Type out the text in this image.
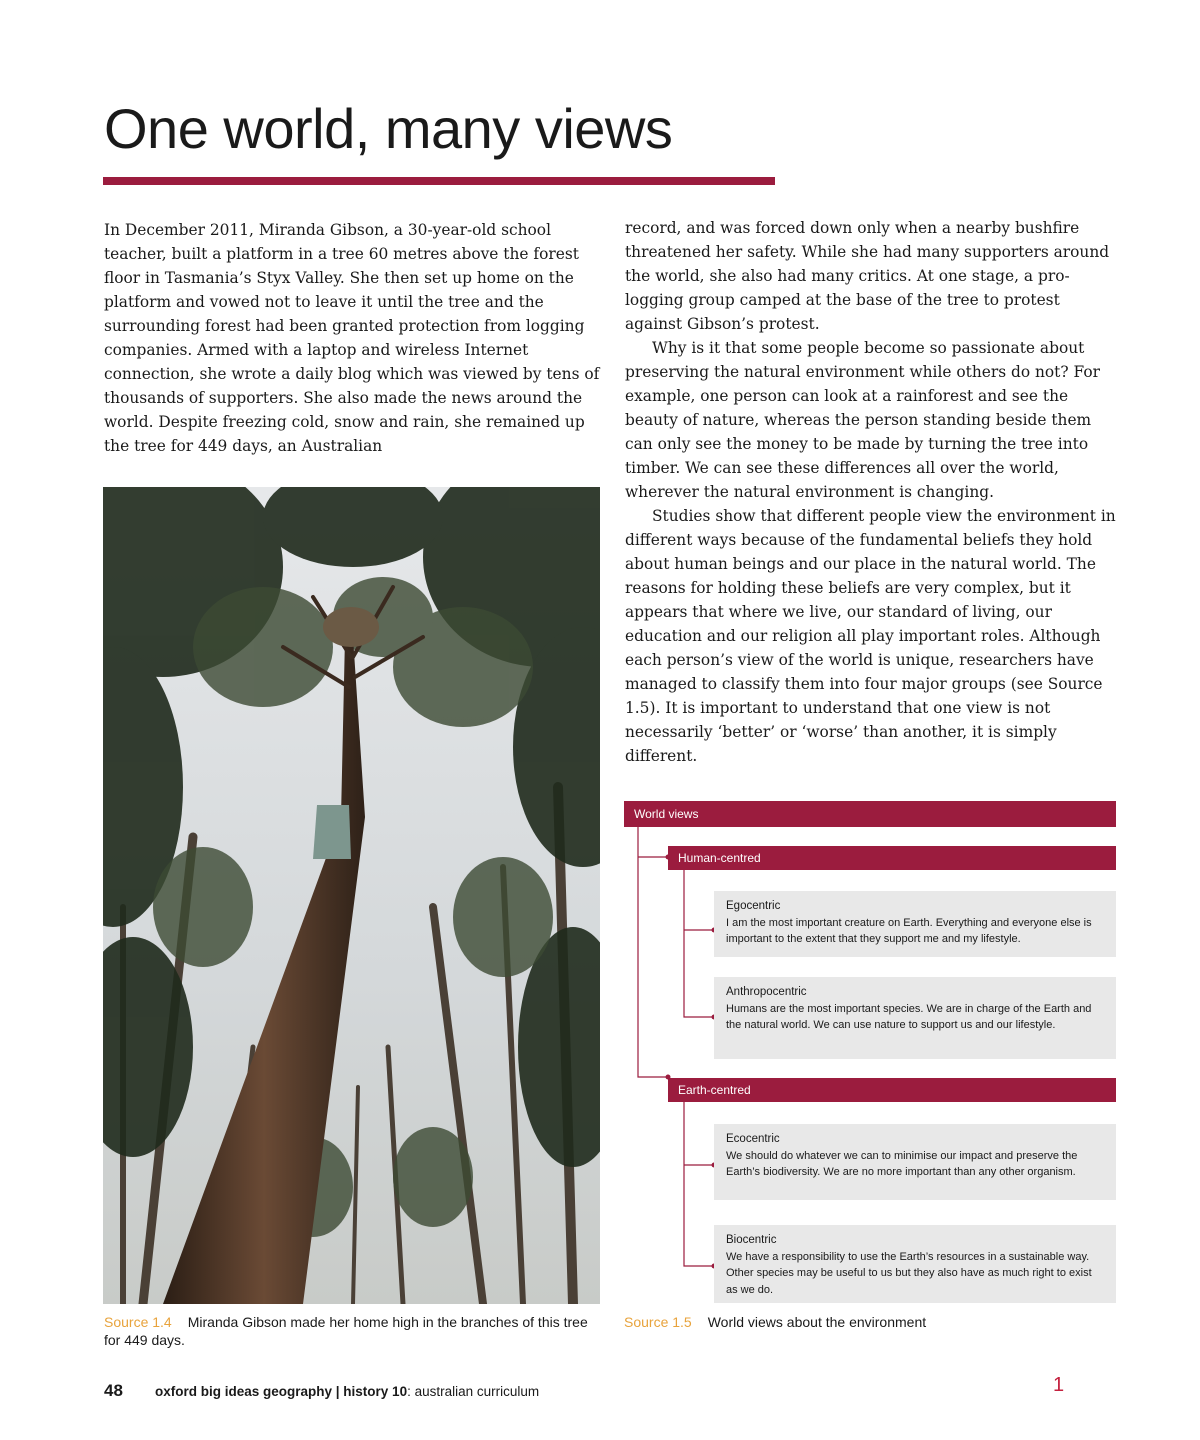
One world, many views

In December 2011, Miranda Gibson, a 30-year-old school teacher, built a platform in a tree 60 metres above the forest floor in Tasmania’s Styx Valley. She then set up home on the platform and vowed not to leave it until the tree and the surrounding forest had been granted protection from logging companies. Armed with a laptop and wireless Internet connection, she wrote a daily blog which was viewed by tens of thousands of supporters. She also made the news around the world. Despite freezing cold, snow and rain, she remained up the tree for 449 days, an Australian

record, and was forced down only when a nearby bushfire threatened her safety. While she had many supporters around the world, she also had many critics. At one stage, a pro-logging group camped at the base of the tree to protest against Gibson’s protest.

Why is it that some people become so passionate about preserving the natural environment while others do not? For example, one person can look at a rainforest and see the beauty of nature, whereas the person standing beside them can only see the money to be made by turning the tree into timber. We can see these differences all over the world, wherever the natural environment is changing.

Studies show that different people view the environment in different ways because of the fundamental beliefs they hold about human beings and our place in the natural world. The reasons for holding these beliefs are very complex, but it appears that where we live, our standard of living, our education and our religion all play important roles. Although each person’s view of the world is unique, researchers have managed to classify them into four major groups (see Source 1.5). It is important to understand that one view is not necessarily ‘better’ or ‘worse’ than another, it is simply different.

Source 1.4 Miranda Gibson made her home high in the branches of this tree for 449 days.
World views
Human-centred
Earth-centred
Egocentric
I am the most important creature on Earth. Everything and everyone else is important to the extent that they support me and my lifestyle.
Anthropocentric
Humans are the most important species. We are in charge of the Earth and the natural world. We can use nature to support us and our lifestyle.
Ecocentric
We should do whatever we can to minimise our impact and preserve the Earth’s biodiversity. We are no more important than any other organism.
Biocentric
We have a responsibility to use the Earth’s resources in a sustainable way. Other species may be useful to us but they also have as much right to exist as we do.
Source 1.5 World views about the environment
48 oxford big ideas geography | history 10: australian curriculum	1
